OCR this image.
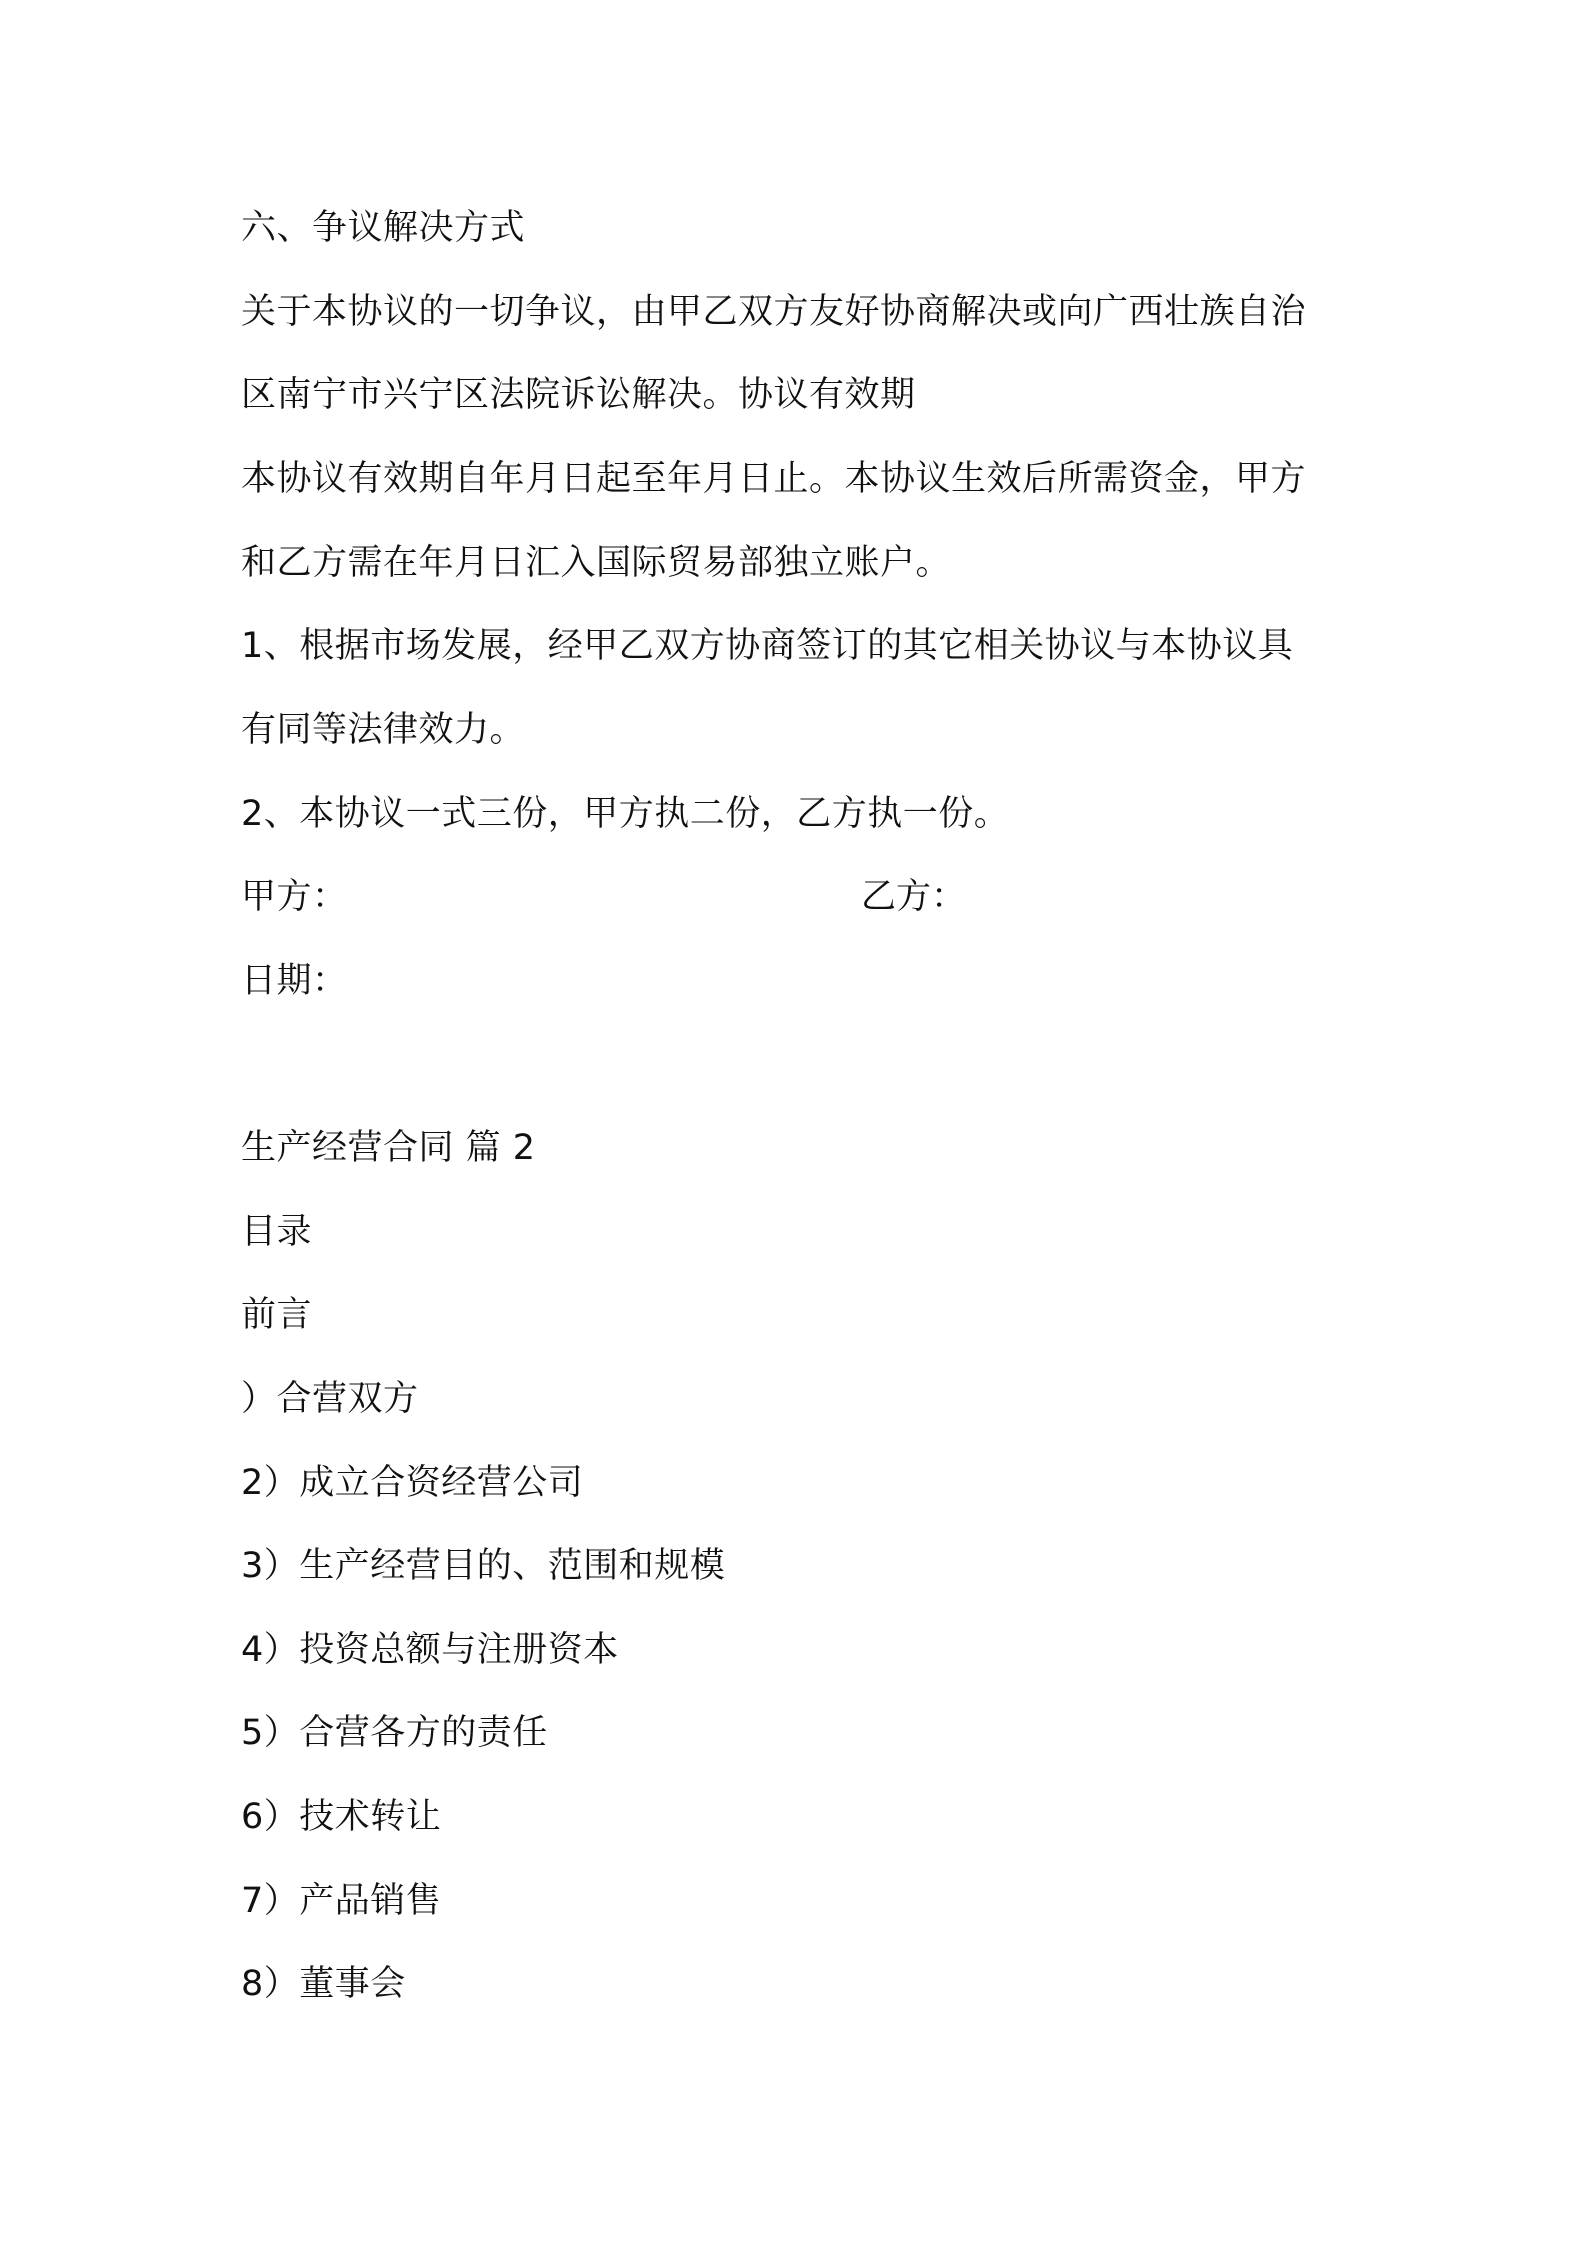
六、争议解决方式
关于本协议的一切争议，由甲乙双方友好协商解决或向广西壮族自治
区南宁市兴宁区法院诉讼解决。协议有效期
本协议有效期自年月日起至年月日止。本协议生效后所需资金，甲方
和乙方需在年月日汇入国际贸易部独立账户。
1、根据市场发展，经甲乙双方协商签订的其它相关协议与本协议具
有同等法律效力。
2、本协议一式三份，甲方执二份，乙方执一份。
甲方：	乙方：
日期：
生产经营合同 篇 2
目录
前言
）合营双方
2）成立合资经营公司
3）生产经营目的、范围和规模
4）投资总额与注册资本
5）合营各方的责任
6）技术转让
7）产品销售
8）董事会
